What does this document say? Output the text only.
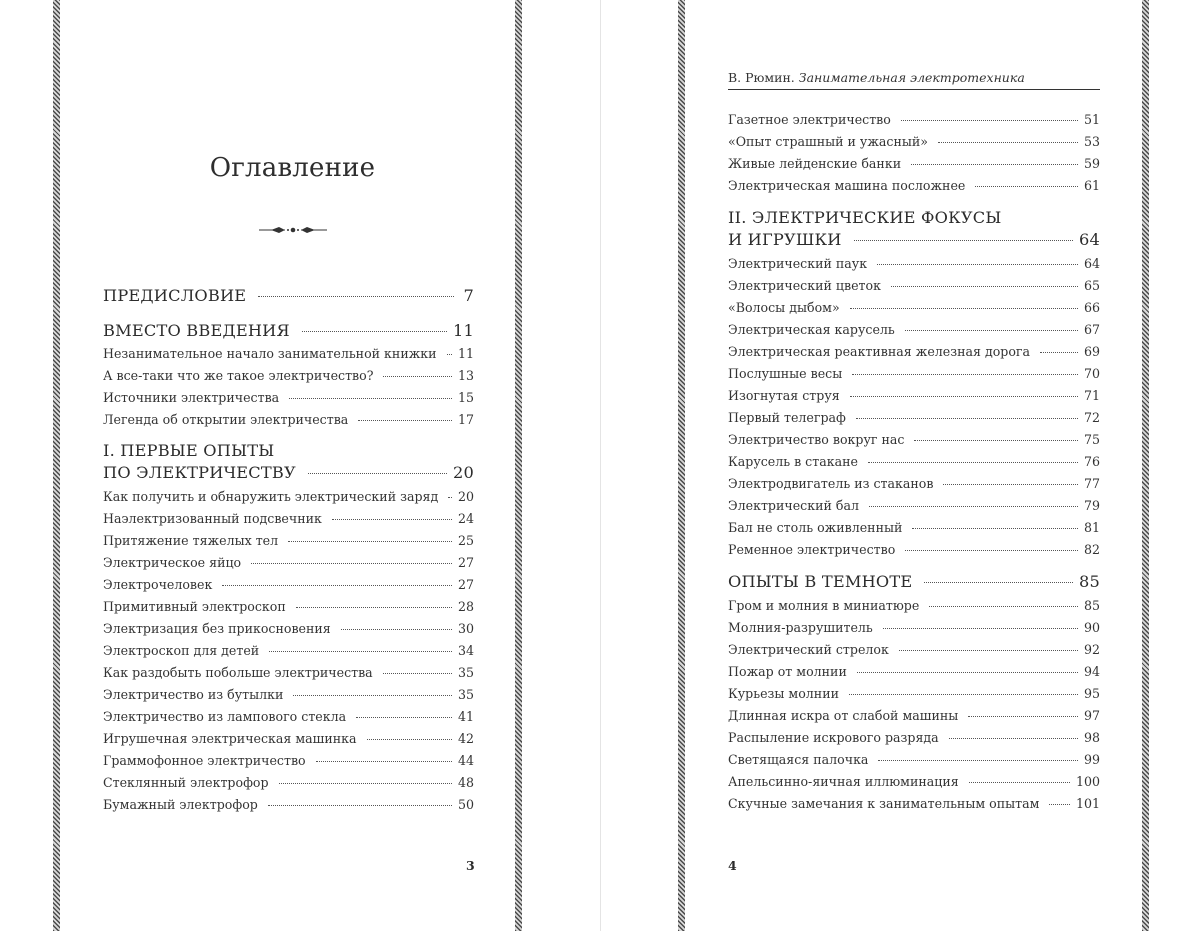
Оглавление
ПРЕДИСЛОВИЕ	7
ВМЕСТО ВВЕДЕНИЯ	11
Незанимательное начало занимательной книжки 11
А все-таки что же такое электричество?	13
Источники электричества	15
Легенда об открытии электричества	17
I. ПЕРВЫЕ ОПЫТЫ
ПО ЭЛЕКТРИЧЕСТВУ	20
Как получить и обнаружить электрический заряд 20
Наэлектризованный подсвечник	24
Притяжение тяжелых тел	25
Электрическое яйцо	27
Электрочеловек	27
Примитивный электроскоп	28
Электризация без прикосновения	30
Электроскоп для детей	34
Как раздобыть побольше электричества	35
Электричество из бутылки	35
Электричество из лампового стекла	41
Игрушечная электрическая машинка	42
Граммофонное электричество	44
Стеклянный электрофор	48
Бумажный электрофор	50
3
В. Рюмин. Занимательная электротехника
Газетное электричество	51
«Опыт страшный и ужасный»	53
Живые лейденские банки	59
Электрическая машина посложнее	61
II. ЭЛЕКТРИЧЕСКИЕ ФОКУСЫ
И ИГРУШКИ	64
Электрический паук	64
Электрический цветок	65
«Волосы дыбом»	66
Электрическая карусель	67
Электрическая реактивная железная дорога	69
Послушные весы	70
Изогнутая струя	71
Первый телеграф	72
Электричество вокруг нас	75
Карусель в стакане	76
Электродвигатель из стаканов	77
Электрический бал	79
Бал не столь оживленный	81
Ременное электричество	82
ОПЫТЫ В ТЕМНОТЕ	85
Гром и молния в миниатюре	85
Молния-разрушитель	90
Электрический стрелок	92
Пожар от молнии	94
Курьезы молнии	95
Длинная искра от слабой машины	97
Распыление искрового разряда	98
Светящаяся палочка	99
Апельсинно-яичная иллюминация	100
Скучные замечания к занимательным опытам	101
4
